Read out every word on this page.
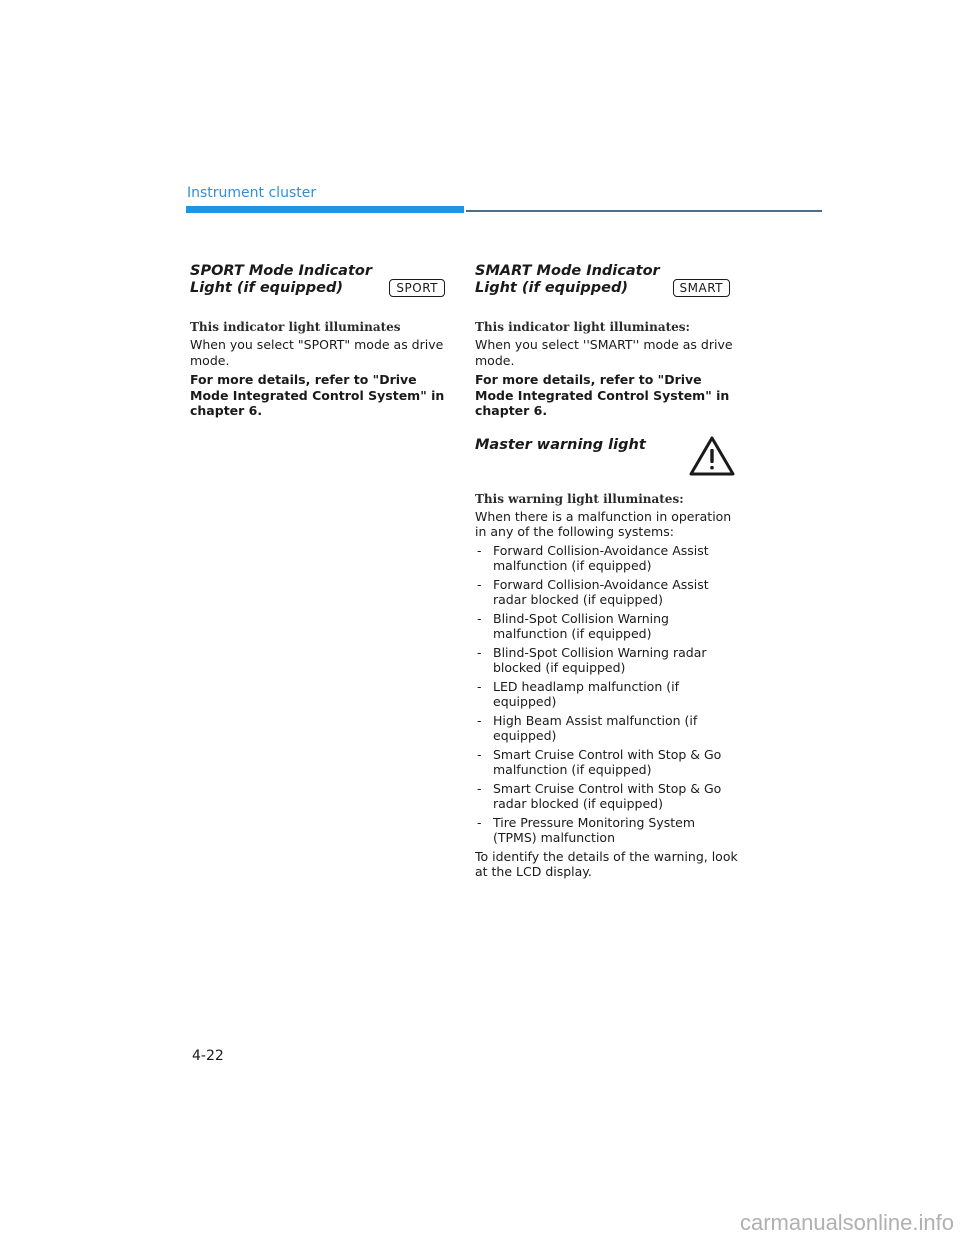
Instrument cluster
SPORT Mode Indicator Light (if equipped)	SPORT
This indicator light illuminates
When you select "SPORT" mode as drive mode.
For more details, refer to "Drive Mode Integrated Control System" in chapter 6.
SMART Mode Indicator Light (if equipped)	SMART
This indicator light illuminates:
When you select ''SMART'' mode as drive mode.
For more details, refer to "Drive Mode Integrated Control System" in chapter 6.
Master warning light
This warning light illuminates:
When there is a malfunction in operation in any of the following systems:
- Forward Collision-Avoidance Assist malfunction (if equipped)
- Forward Collision-Avoidance Assist radar blocked (if equipped)
- Blind-Spot Collision Warning malfunction (if equipped)
- Blind-Spot Collision Warning radar blocked (if equipped)
- LED headlamp malfunction (if equipped)
- High Beam Assist malfunction (if equipped)
- Smart Cruise Control with Stop & Go malfunction (if equipped)
- Smart Cruise Control with Stop & Go radar blocked (if equipped)
- Tire Pressure Monitoring System (TPMS) malfunction
To identify the details of the warning, look at the LCD display.
4-22
carmanualsonline.info
